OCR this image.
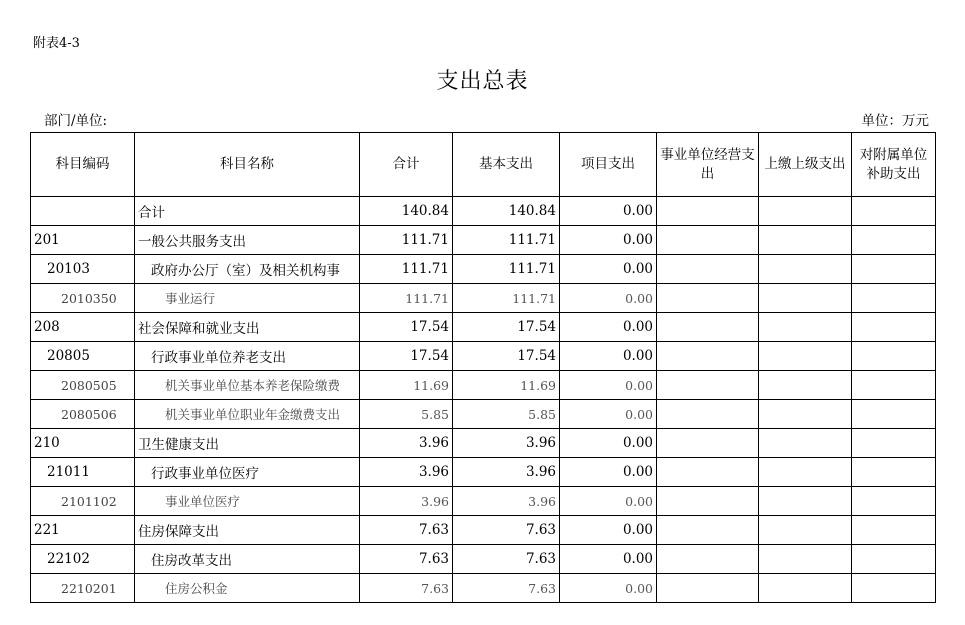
附表4-3
支出总表
部门/单位:	单位：万元
科目编码	科目名称	合计	基本支出	项目支出	事业单位经营支出	上缴上级支出	对附属单位补助支出
	合计	140.84	140.84	0.00			
201	一般公共服务支出	111.71	111.71	0.00			
20103	政府办公厅（室）及相关机构事	111.71	111.71	0.00			
2010350	事业运行	111.71	111.71	0.00			
208	社会保障和就业支出	17.54	17.54	0.00			
20805	行政事业单位养老支出	17.54	17.54	0.00			
2080505	机关事业单位基本养老保险缴费	11.69	11.69	0.00			
2080506	机关事业单位职业年金缴费支出	5.85	5.85	0.00			
210	卫生健康支出	3.96	3.96	0.00			
21011	行政事业单位医疗	3.96	3.96	0.00			
2101102	事业单位医疗	3.96	3.96	0.00			
221	住房保障支出	7.63	7.63	0.00			
22102	住房改革支出	7.63	7.63	0.00			
2210201	住房公积金	7.63	7.63	0.00			
